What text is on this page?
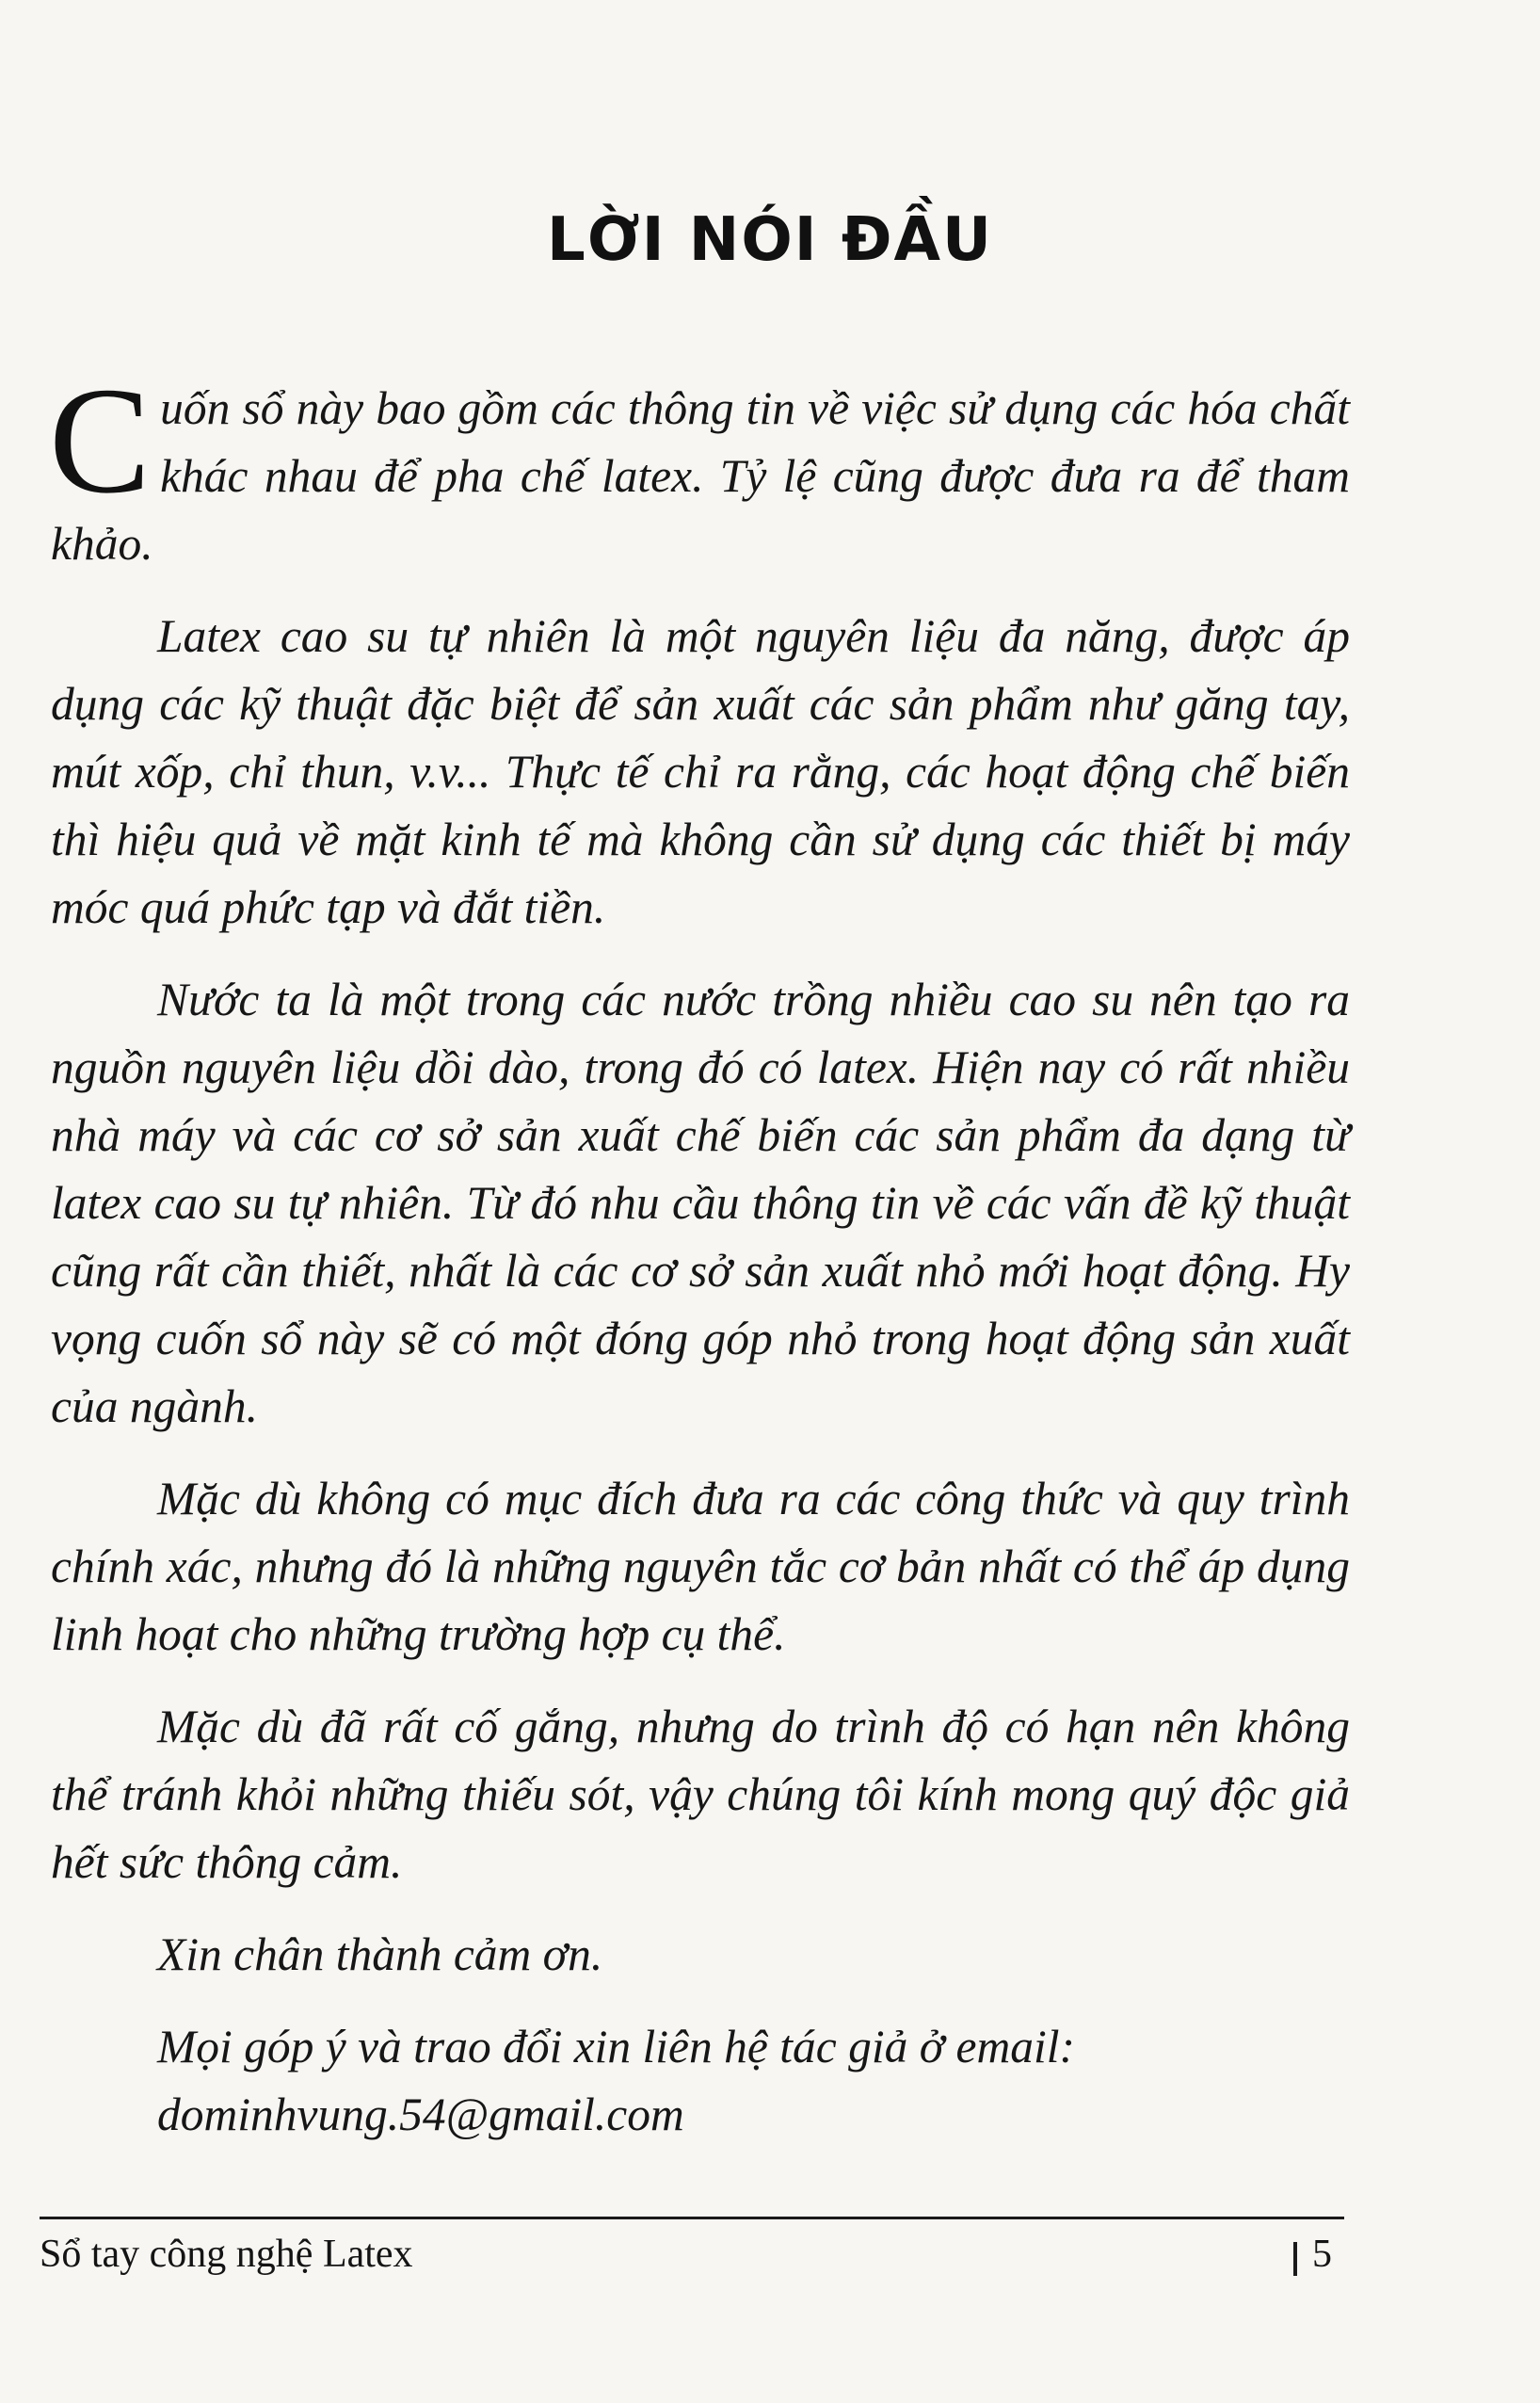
LỜI NÓI ĐẦU

Cuốn sổ này bao gồm các thông tin về việc sử dụng các hóa chất khác nhau để pha chế latex. Tỷ lệ cũng được đưa ra để tham khảo.

Latex cao su tự nhiên là một nguyên liệu đa năng, được áp dụng các kỹ thuật đặc biệt để sản xuất các sản phẩm như găng tay, mút xốp, chỉ thun, v.v... Thực tế chỉ ra rằng, các hoạt động chế biến thì hiệu quả về mặt kinh tế mà không cần sử dụng các thiết bị máy móc quá phức tạp và đắt tiền.

Nước ta là một trong các nước trồng nhiều cao su nên tạo ra nguồn nguyên liệu dồi dào, trong đó có latex. Hiện nay có rất nhiều nhà máy và các cơ sở sản xuất chế biến các sản phẩm đa dạng từ latex cao su tự nhiên. Từ đó nhu cầu thông tin về các vấn đề kỹ thuật cũng rất cần thiết, nhất là các cơ sở sản xuất nhỏ mới hoạt động. Hy vọng cuốn sổ này sẽ có một đóng góp nhỏ trong hoạt động sản xuất của ngành.

Mặc dù không có mục đích đưa ra các công thức và quy trình chính xác, nhưng đó là những nguyên tắc cơ bản nhất có thể áp dụng linh hoạt cho những trường hợp cụ thể.

Mặc dù đã rất cố gắng, nhưng do trình độ có hạn nên không thể tránh khỏi những thiếu sót, vậy chúng tôi kính mong quý độc giả hết sức thông cảm.

Xin chân thành cảm ơn.

Mọi góp ý và trao đổi xin liên hệ tác giả ở email:
dominhvung.54@gmail.com

Sổ tay công nghệ Latex	5
